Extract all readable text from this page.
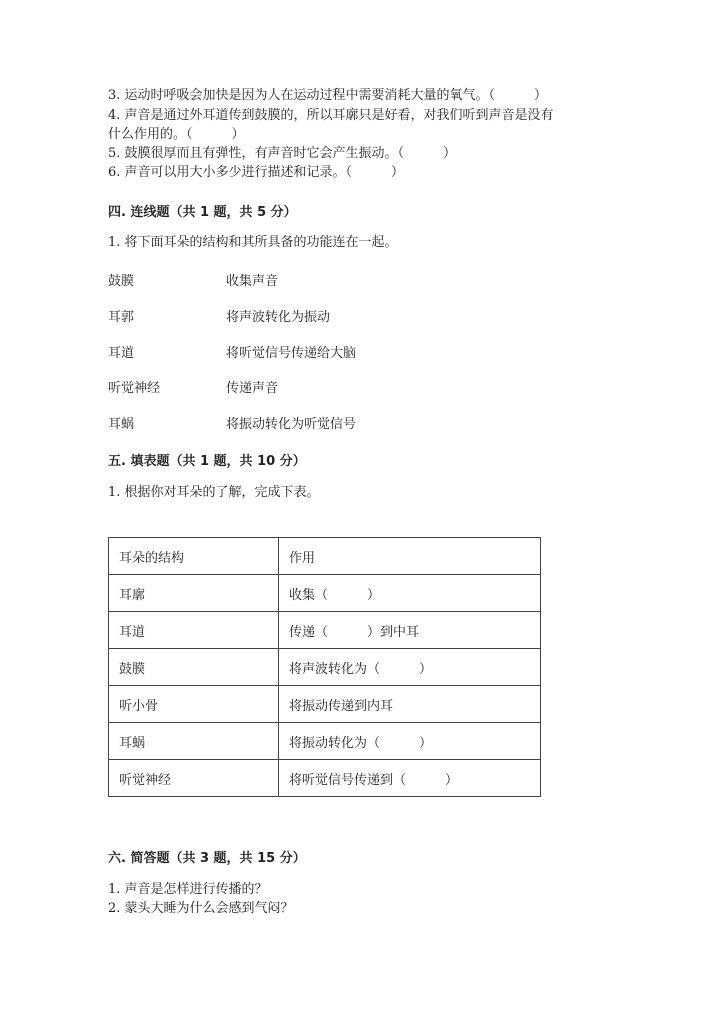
3. 运动时呼吸会加快是因为人在运动过程中需要消耗大量的氧气。（　　　）
4. 声音是通过外耳道传到鼓膜的，所以耳廓只是好看，对我们听到声音是没有
什么作用的。（　　　）
5. 鼓膜很厚而且有弹性，有声音时它会产生振动。（　　　）
6. 声音可以用大小多少进行描述和记录。（　　　）
四. 连线题（共 1 题，共 5 分）
1. 将下面耳朵的结构和其所具备的功能连在一起。
鼓膜	收集声音
耳郭	将声波转化为振动
耳道	将听觉信号传递给大脑
听觉神经	传递声音
耳蜗	将振动转化为听觉信号
五. 填表题（共 1 题，共 10 分）
1. 根据你对耳朵的了解，完成下表。
耳朵的结构	作用
耳廓	收集（　　　）
耳道	传递（　　　）到中耳
鼓膜	将声波转化为（　　　）
听小骨	将振动传递到内耳
耳蜗	将振动转化为（　　　）
听觉神经	将听觉信号传递到（　　　）
六. 简答题（共 3 题，共 15 分）
1. 声音是怎样进行传播的？
2. 蒙头大睡为什么会感到气闷？
